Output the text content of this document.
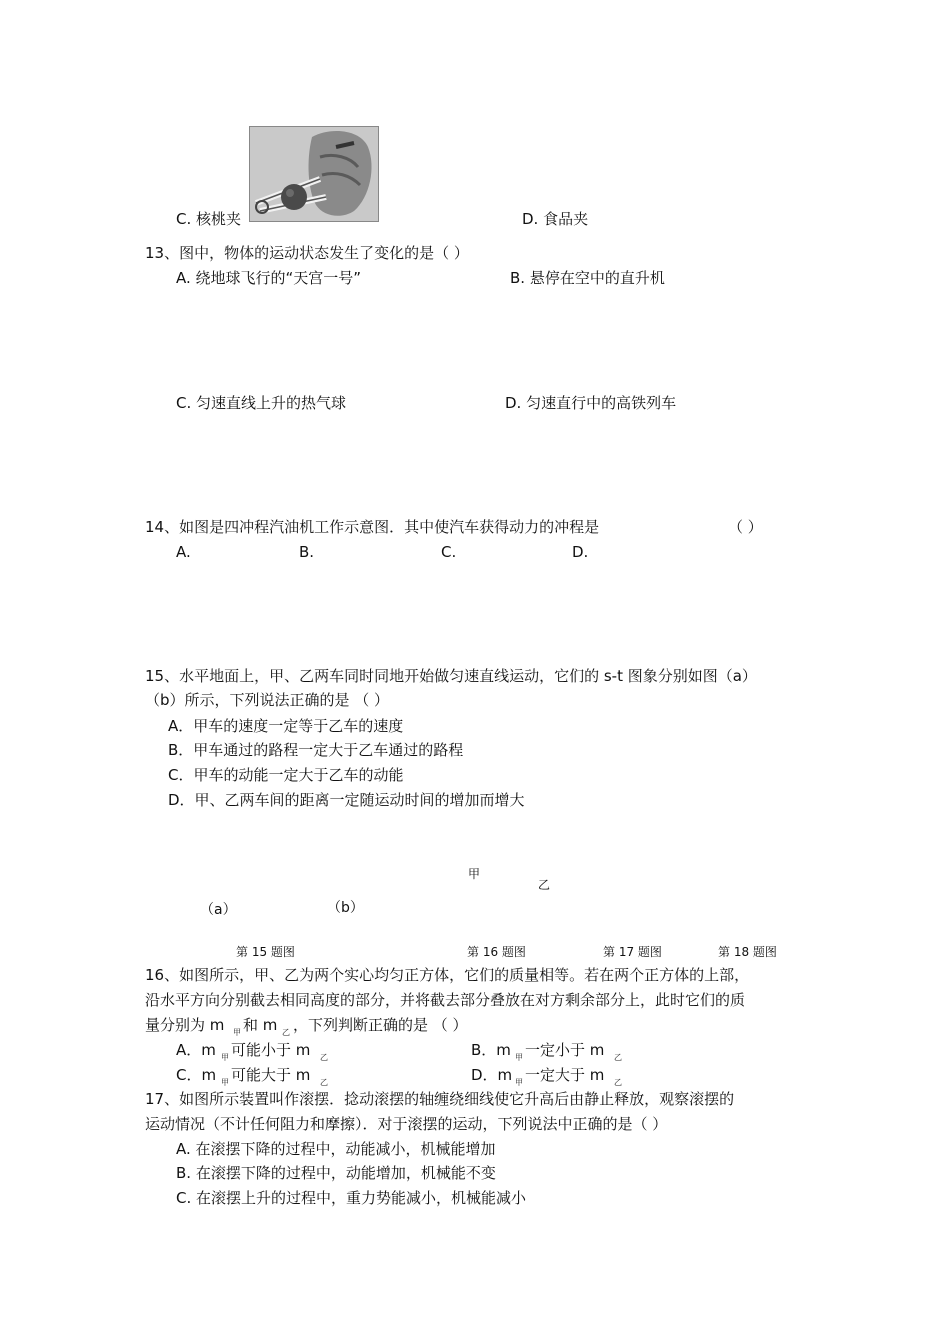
C. 核桃夹	D. 食品夹
13、图中，物体的运动状态发生了变化的是（ ）
A. 绕地球飞行的“天宫一号”	B. 悬停在空中的直升机
C. 匀速直线上升的热气球	D. 匀速直行中的高铁列车
14、如图是四冲程汽油机工作示意图．其中使汽车获得动力的冲程是	（ ）
A.	B.	C.	D.
15、水平地面上，甲、乙两车同时同地开始做匀速直线运动，它们的 s-t 图象分别如图（a）
（b）所示，下列说法正确的是 （ ）
A．甲车的速度一定等于乙车的速度
B．甲车通过的路程一定大于乙车通过的路程
C．甲车的动能一定大于乙车的动能
D．甲、乙两车间的距离一定随运动时间的增加而增大
甲
乙
（a）	（b）
第 15 题图	第 16 题图	第 17 题图	第 18 题图
16、如图所示，甲、乙为两个实心均匀正方体，它们的质量相等。若在两个正方体的上部，
沿水平方向分别截去相同高度的部分，并将截去部分叠放在对方剩余部分上，此时它们的质
量分别为 m 甲 和 m 乙 ，下列判断正确的是 （ ）
A．m 甲 可能小于 m 乙	B．m 甲 一定小于 m 乙
C．m 甲 可能大于 m 乙	D．m 甲 一定大于 m 乙
17、如图所示装置叫作滚摆．捻动滚摆的轴缠绕细线使它升高后由静止释放，观察滚摆的
运动情况（不计任何阻力和摩擦）．对于滚摆的运动，下列说法中正确的是（ ）
A. 在滚摆下降的过程中，动能减小，机械能增加
B. 在滚摆下降的过程中，动能增加，机械能不变
C. 在滚摆上升的过程中，重力势能减小，机械能减小
